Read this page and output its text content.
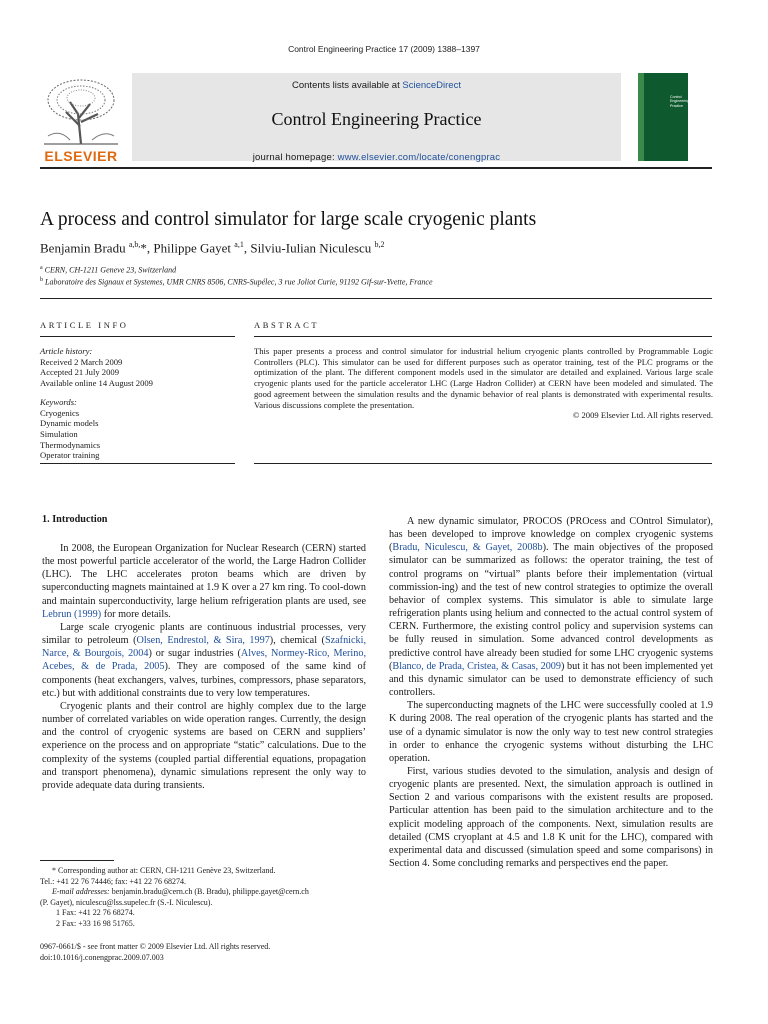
Control Engineering Practice 17 (2009) 1388–1397
ELSEVIER
Contents lists available at ScienceDirect
Control Engineering Practice
journal homepage: www.elsevier.com/locate/conengprac
Control Engineering Practice
A process and control simulator for large scale cryogenic plants
Benjamin Bradu $^{a,b,}$*, Philippe Gayet $^{a,1}$, Silviu-Iulian Niculescu $^{b,2}$
$^a$ CERN, CH-1211 Geneve 23, Switzerland
$^b$ Laboratoire des Signaux et Systemes, UMR CNRS 8506, CNRS-Supélec, 3 rue Joliot Curie, 91192 Gif-sur-Yvette, France
ARTICLE INFO
Article history:
Received 2 March 2009
Accepted 21 July 2009
Available online 14 August 2009
Keywords:
Cryogenics
Dynamic models
Simulation
Thermodynamics
Operator training
ABSTRACT
This paper presents a process and control simulator for industrial helium cryogenic plants controlled by Programmable Logic Controllers (PLC). This simulator can be used for different purposes such as operator training, test of the PLC programs or the optimization of the plant. The different component models used in the simulator are detailed and explained. Various large scale cryogenic plants used for the particle accelerator LHC (Large Hadron Collider) at CERN have been modeled and simulated. The good agreement between the simulation results and the dynamic behavior of real plants is demonstrated with experimental results. Various discussions complete the presentation.
© 2009 Elsevier Ltd. All rights reserved.
1. Introduction

In 2008, the European Organization for Nuclear Research (CERN) started the most powerful particle accelerator of the world, the Large Hadron Collider (LHC). The LHC accelerates proton beams which are driven by superconducting magnets maintained at 1.9 K over a 27 km ring. To cool-down and maintain superconductivity, large helium refrigeration plants are used, see Lebrun (1999) for more details.

Large scale cryogenic plants are continuous industrial processes, very similar to petroleum (Olsen, Endrestol, & Sira, 1997), chemical (Szafnicki, Narce, & Bourgois, 2004) or sugar industries (Alves, Normey-Rico, Merino, Acebes, & de Prada, 2005). They are composed of the same kind of components (heat exchangers, valves, turbines, compressors, phase separators, etc.) but with additional constraints due to very low temperatures.

Cryogenic plants and their control are highly complex due to the large number of correlated variables on wide operation ranges. Currently, the design and the control of cryogenic systems are based on CERN and suppliers’ experience on the process and on appropriate “static” calculations. Due to the complexity of the systems (coupled partial differential equations, propagation and transport phenomena), dynamic simulations represent the only way to provide adequate data during transients.

A new dynamic simulator, PROCOS (PROcess and COntrol Simulator), has been developed to improve knowledge on complex cryogenic systems (Bradu, Niculescu, & Gayet, 2008b). The main objectives of the proposed simulator can be summarized as follows: the operator training, the test of control programs on “virtual” plants before their implementation (virtual commission-ing) and the test of new control strategies to optimize the overall behavior of complex systems. This simulator is able to simulate large refrigeration plants using helium and connected to the actual control system of CERN. Furthermore, the existing control policy and supervision systems can be fully reused in simulation. Some advanced control developments as predictive control have already been studied for some LHC cryogenic systems (Blanco, de Prada, Cristea, & Casas, 2009) but it has not been implemented yet and this dynamic simulator can be used to demonstrate efficiency of such controllers.

The superconducting magnets of the LHC were successfully cooled at 1.9 K during 2008. The real operation of the cryogenic plants has started and the use of a dynamic simulator is now the only way to test new control strategies in order to enhance the cryogenic systems without disturbing the LHC operation.

First, various studies devoted to the simulation, analysis and design of cryogenic plants are presented. Next, the simulation approach is outlined in Section 2 and various comparisons with the existent results are proposed. Particular attention has been paid to the simulation architecture and to the explicit modeling approach of the components. Next, simulation results are detailed (CMS cryoplant at 4.5 and 1.8 K unit for the LHC), compared with experimental data and discussed (simulation speed and some comparisons) in Section 4. Some concluding remarks and perspectives end the paper.

* Corresponding author at: CERN, CH-1211 Genève 23, Switzerland.
Tel.: +41 22 76 74446; fax: +41 22 76 68274.
E-mail addresses: benjamin.bradu@cern.ch (B. Bradu), philippe.gayet@cern.ch
(P. Gayet), niculescu@lss.supelec.fr (S.-I. Niculescu).
1 Fax: +41 22 76 68274.
2 Fax: +33 16 98 51765.
0967-0661/$ - see front matter © 2009 Elsevier Ltd. All rights reserved.
doi:10.1016/j.conengprac.2009.07.003
